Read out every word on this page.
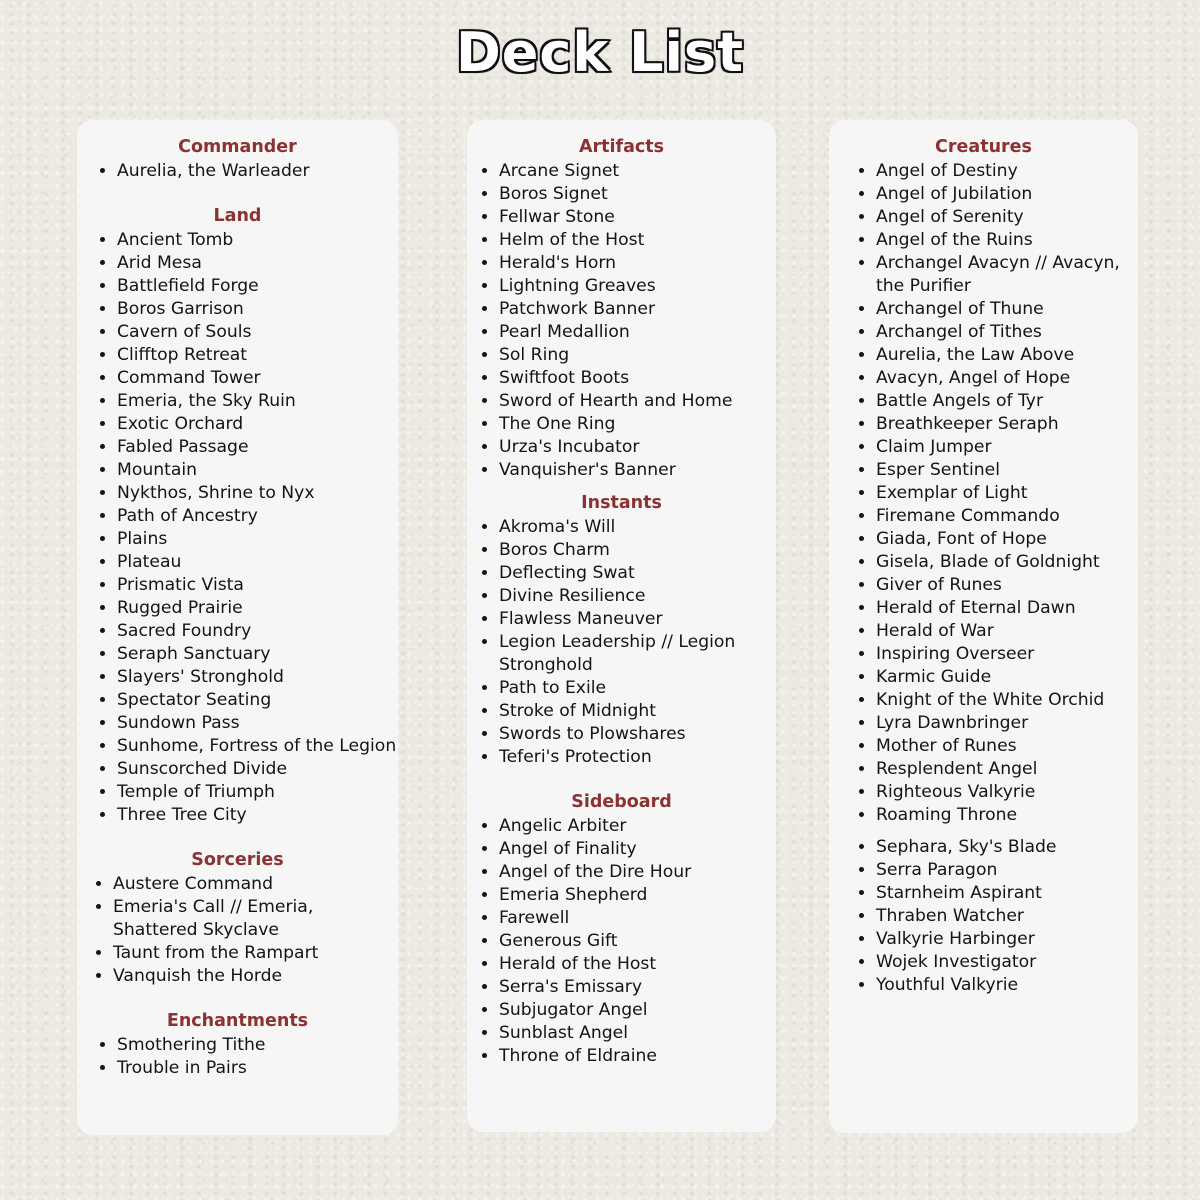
Deck List
Commander
• Aurelia, the Warleader
Land
• Ancient Tomb
• Arid Mesa
• Battlefield Forge
• Boros Garrison
• Cavern of Souls
• Clifftop Retreat
• Command Tower
• Emeria, the Sky Ruin
• Exotic Orchard
• Fabled Passage
• Mountain
• Nykthos, Shrine to Nyx
• Path of Ancestry
• Plains
• Plateau
• Prismatic Vista
• Rugged Prairie
• Sacred Foundry
• Seraph Sanctuary
• Slayers' Stronghold
• Spectator Seating
• Sundown Pass
• Sunhome, Fortress of the Legion
• Sunscorched Divide
• Temple of Triumph
• Three Tree City
Sorceries
• Austere Command
• Emeria's Call // Emeria, Shattered Skyclave
• Taunt from the Rampart
• Vanquish the Horde
Enchantments
• Smothering Tithe
• Trouble in Pairs
Artifacts
• Arcane Signet
• Boros Signet
• Fellwar Stone
• Helm of the Host
• Herald's Horn
• Lightning Greaves
• Patchwork Banner
• Pearl Medallion
• Sol Ring
• Swiftfoot Boots
• Sword of Hearth and Home
• The One Ring
• Urza's Incubator
• Vanquisher's Banner
Instants
• Akroma's Will
• Boros Charm
• Deflecting Swat
• Divine Resilience
• Flawless Maneuver
• Legion Leadership // Legion Stronghold
• Path to Exile
• Stroke of Midnight
• Swords to Plowshares
• Teferi's Protection
Sideboard
• Angelic Arbiter
• Angel of Finality
• Angel of the Dire Hour
• Emeria Shepherd
• Farewell
• Generous Gift
• Herald of the Host
• Serra's Emissary
• Subjugator Angel
• Sunblast Angel
• Throne of Eldraine
Creatures
• Angel of Destiny
• Angel of Jubilation
• Angel of Serenity
• Angel of the Ruins
• Archangel Avacyn // Avacyn, the Purifier
• Archangel of Thune
• Archangel of Tithes
• Aurelia, the Law Above
• Avacyn, Angel of Hope
• Battle Angels of Tyr
• Breathkeeper Seraph
• Claim Jumper
• Esper Sentinel
• Exemplar of Light
• Firemane Commando
• Giada, Font of Hope
• Gisela, Blade of Goldnight
• Giver of Runes
• Herald of Eternal Dawn
• Herald of War
• Inspiring Overseer
• Karmic Guide
• Knight of the White Orchid
• Lyra Dawnbringer
• Mother of Runes
• Resplendent Angel
• Righteous Valkyrie
• Roaming Throne
• Sephara, Sky's Blade
• Serra Paragon
• Starnheim Aspirant
• Thraben Watcher
• Valkyrie Harbinger
• Wojek Investigator
• Youthful Valkyrie
